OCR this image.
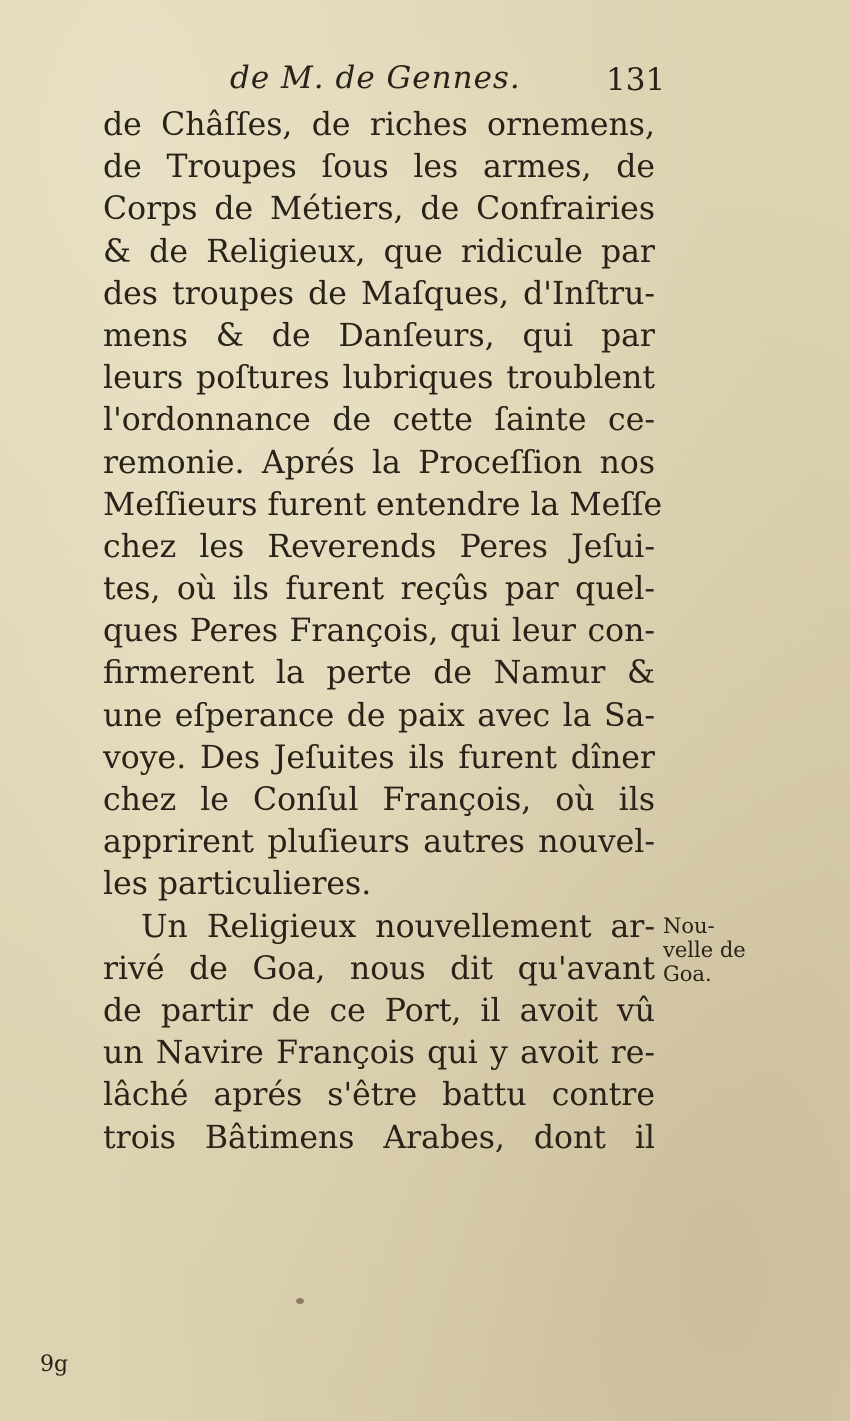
de M. de Gennes.	131
de Châſſes, de riches ornemens,
de Troupes ſous les armes, de
Corps de Métiers, de Confrairies
& de Religieux, que ridicule par
des troupes de Maſques, d'Inſtru-
mens & de Danſeurs, qui par
leurs poſtures lubriques troublent
l'ordonnance de cette ſainte ce-
remonie. Aprés la Proceſſion nos
Meſſieurs furent entendre la Meſſe
chez les Reverends Peres Jeſui-
tes, où ils furent reçûs par quel-
ques Peres François, qui leur con-
firmerent la perte de Namur &
une eſperance de paix avec la Sa-
voye. Des Jeſuites ils furent dîner
chez le Conſul François, où ils
apprirent pluſieurs autres nouvel-
les particulieres.
Un Religieux nouvellement ar-
rivé de Goa, nous dit qu'avant
de partir de ce Port, il avoit vû
un Navire François qui y avoit re-
lâché aprés s'être battu contre
trois Bâtimens Arabes, dont il
Nou-
velle de
Goa.
9g
